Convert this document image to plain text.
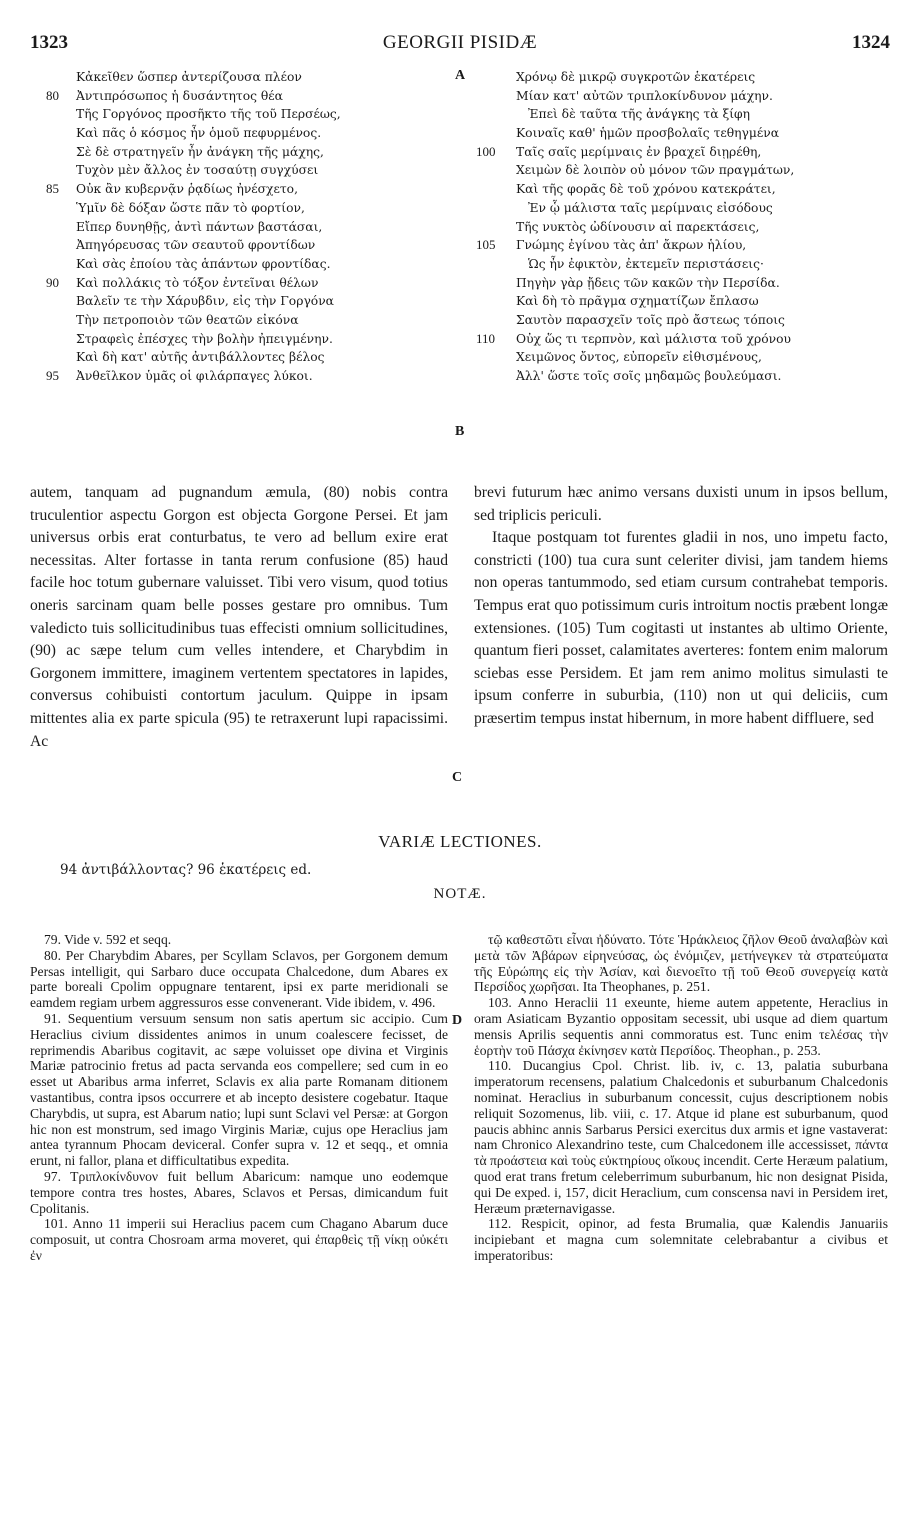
1323	GEORGII PISIDÆ	1324
Κἀκεῖθεν ὥσπερ ἀντερίζουσα πλέον
80	Ἀντιπρόσωπος ἡ δυσάντητος θέα
Τῆς Γοργόνος προσῆκτο τῆς τοῦ Περσέως,
Καὶ πᾶς ὁ κόσμος ἦν ὁμοῦ πεφυρμένος.
Σὲ δὲ στρατηγεῖν ἦν ἀνάγκη τῆς μάχης,
Τυχὸν μὲν ἄλλος ἐν τοσαύτῃ συγχύσει
85	Οὐκ ἂν κυβερνᾷν ῥᾳδίως ἠνέσχετο,
Ὑμῖν δὲ δόξαν ὥστε πᾶν τὸ φορτίον,
Εἴπερ δυνηθῇς, ἀντὶ πάντων βαστάσαι,
Ἀπηγόρευσας τῶν σεαυτοῦ φροντίδων
Καὶ σὰς ἐποίου τὰς ἁπάντων φροντίδας.
90	Καὶ πολλάκις τὸ τόξον ἐντεῖναι θέλων
Βαλεῖν τε τὴν Χάρυβδιν, εἰς τὴν Γοργόνα
Τὴν πετροποιὸν τῶν θεατῶν εἰκόνα
Στραφεὶς ἐπέσχες τὴν βολὴν ἠπειγμένην.
Καὶ δὴ κατ' αὐτῆς ἀντιβάλλοντες βέλος
95	Ἀνθεῖλκον ὑμᾶς οἱ φιλάρπαγες λύκοι.
Χρόνῳ δὲ μικρῷ συγκροτῶν ἑκατέρεις
Μίαν κατ' αὐτῶν τριπλοκίνδυνον μάχην.
Ἐπεὶ δὲ ταῦτα τῆς ἀνάγκης τὰ ξίφη
Κοιναῖς καθ' ἡμῶν προσβολαῖς τεθηγμένα
100	Ταῖς σαῖς μερίμναις ἐν βραχεῖ διῃρέθη,
Χειμὼν δὲ λοιπὸν οὐ μόνον τῶν πραγμάτων,
Καὶ τῆς φορᾶς δὲ τοῦ χρόνου κατεκράτει,
Ἐν ᾧ μάλιστα ταῖς μερίμναις εἰσόδους
Τῆς νυκτὸς ὠδίνουσιν αἱ παρεκτάσεις,
105	Γνώμης ἐγίνου τὰς ἀπ' ἄκρων ἡλίου,
Ὡς ἦν ἐφικτὸν, ἐκτεμεῖν περιστάσεις·
Πηγὴν γὰρ ᾔδεις τῶν κακῶν τὴν Περσίδα.
Καὶ δὴ τὸ πρᾶγμα σχηματίζων ἔπλασω
Σαυτὸν παρασχεῖν τοῖς πρὸ ἄστεως τόποις
110	Οὐχ ὥς τι τερπνὸν, καὶ μάλιστα τοῦ χρόνου
Χειμῶνος ὄντος, εὐπορεῖν εἰθισμένους,
Ἀλλ' ὥστε τοῖς σοῖς μηδαμῶς βουλεύμασι.
A
B
C
D

autem, tanquam ad pugnandum æmula, (80) nobis contra truculentior aspectu Gorgon est objecta Gorgone Persei. Et jam universus orbis erat conturbatus, te vero ad bellum exire erat necessitas. Alter fortasse in tanta rerum confusione (85) haud facile hoc totum gubernare valuisset. Tibi vero visum, quod totius oneris sarcinam quam belle posses gestare pro omnibus. Tum valedicto tuis sollicitudinibus tuas effecisti omnium sollicitudines, (90) ac sæpe telum cum velles intendere, et Charybdim in Gorgonem immittere, imaginem vertentem spectatores in lapides, conversus cohibuisti contortum jaculum. Quippe in ipsam mittentes alia ex parte spicula (95) te retraxerunt lupi rapacissimi. Ac

brevi futurum hæc animo versans duxisti unum in ipsos bellum, sed triplicis periculi.

Itaque postquam tot furentes gladii in nos, uno impetu facto, constricti (100) tua cura sunt celeriter divisi, jam tandem hiems non operas tantummodo, sed etiam cursum contrahebat temporis. Tempus erat quo potissimum curis introitum noctis præbent longæ extensiones. (105) Tum cogitasti ut instantes ab ultimo Oriente, quantum fieri posset, calamitates averteres: fontem enim malorum sciebas esse Persidem. Et jam rem animo molitus simulasti te ipsum conferre in suburbia, (110) non ut qui deliciis, cum præsertim tempus instat hibernum, in more habent diffluere, sed

VARIÆ LECTIONES.
94 ἀντιβάλλοντας? 96 ἑκατέρεις ed.
NOTÆ.

79. Vide v. 592 et seqq.

80. Per Charybdim Abares, per Scyllam Sclavos, per Gorgonem demum Persas intelligit, qui Sarbaro duce occupata Chalcedone, dum Abares ex parte boreali Cpolim oppugnare tentarent, ipsi ex parte meridionali se eamdem regiam urbem aggressuros esse convenerant. Vide ibidem, v. 496.

91. Sequentium versuum sensum non satis apertum sic accipio. Cum Heraclius civium dissidentes animos in unum coalescere fecisset, de reprimendis Abaribus cogitavit, ac sæpe voluisset ope divina et Virginis Mariæ patrocinio fretus ad pacta servanda eos compellere; sed cum in eo esset ut Abaribus arma inferret, Sclavis ex alia parte Romanam ditionem vastantibus, contra ipsos occurrere et ab incepto desistere cogebatur. Itaque Charybdis, ut supra, est Abarum natio; lupi sunt Sclavi vel Persæ: at Gorgon hic non est monstrum, sed imago Virginis Mariæ, cujus ope Heraclius jam antea tyrannum Phocam deviceral. Confer supra v. 12 et seqq., et omnia erunt, ni fallor, plana et difficultatibus expedita.

97. Τριπλοκίνδυνον fuit bellum Abaricum: namque uno eodemque tempore contra tres hostes, Abares, Sclavos et Persas, dimicandum fuit Cpolitanis.

101. Anno 11 imperii sui Heraclius pacem cum Chagano Abarum duce composuit, ut contra Chosroam arma moveret, qui ἐπαρθεὶς τῇ νίκῃ οὐκέτι ἐν

τῷ καθεστῶτι εἶναι ἠδύνατο. Τότε Ἡράκλειος ζῆλον Θεοῦ ἀναλαβὼν καὶ μετὰ τῶν Ἀβάρων εἰρηνεύσας, ὡς ἐνόμιζεν, μετήνεγκεν τὰ στρατεύματα τῆς Εὐρώπης εἰς τὴν Ἀσίαν, καὶ διενοεῖτο τῇ τοῦ Θεοῦ συνεργείᾳ κατὰ Περσίδος χωρῆσαι. Ita Theophanes, p. 251.

103. Anno Heraclii 11 exeunte, hieme autem appetente, Heraclius in oram Asiaticam Byzantio oppositam secessit, ubi usque ad diem quartum mensis Aprilis sequentis anni commoratus est. Tunc enim τελέσας τὴν ἑορτὴν τοῦ Πάσχα ἐκίνησεν κατὰ Περσίδος. Theophan., p. 253.

110. Ducangius Cpol. Christ. lib. iv, c. 13, palatia suburbana imperatorum recensens, palatium Chalcedonis et suburbanum Chalcedonis nominat. Heraclius in suburbanum concessit, cujus descriptionem nobis reliquit Sozomenus, lib. viii, c. 17. Atque id plane est suburbanum, quod paucis abhinc annis Sarbarus Persici exercitus dux armis et igne vastaverat: nam Chronico Alexandrino teste, cum Chalcedonem ille accessisset, πάντα τὰ προάστεια καὶ τοὺς εὐκτηρίους οἴκους incendit. Certe Heræum palatium, quod erat trans fretum celeberrimum suburbanum, hic non designat Pisida, qui De exped. i, 157, dicit Heraclium, cum conscensa navi in Persidem iret, Heræum præternavigasse.

112. Respicit, opinor, ad festa Brumalia, quæ Kalendis Januariis incipiebant et magna cum solemnitate celebrabantur a civibus et imperatoribus:
